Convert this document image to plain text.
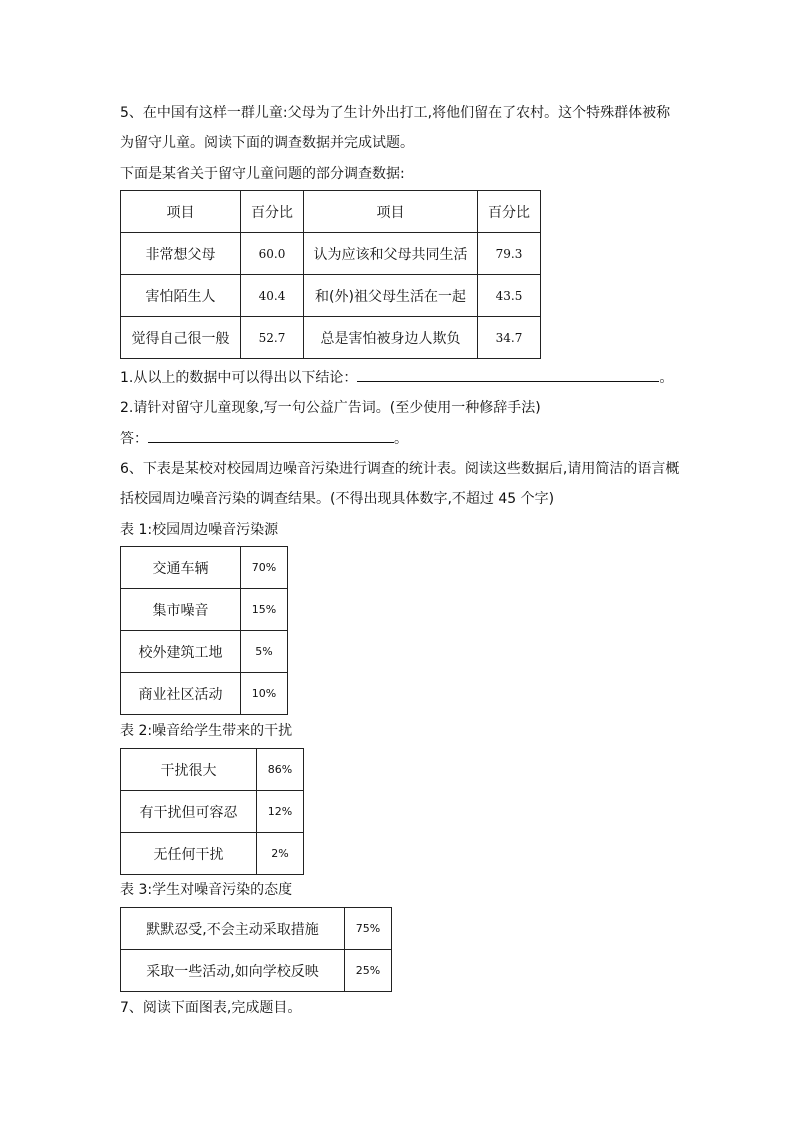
5、在中国有这样一群儿童:父母为了生计外出打工,将他们留在了农村。这个特殊群体被称
为留守儿童。阅读下面的调查数据并完成试题。
下面是某省关于留守儿童问题的部分调查数据:
项目	百分比	项目	百分比
非常想父母	60.0	认为应该和父母共同生活	79.3
害怕陌生人	40.4	和(外)祖父母生活在一起	43.5
觉得自己很一般	52.7	总是害怕被身边人欺负	34.7
1.从以上的数据中可以得出以下结论：	。
2.请针对留守儿童现象,写一句公益广告词。(至少使用一种修辞手法)
答：	。
6、下表是某校对校园周边噪音污染进行调查的统计表。阅读这些数据后,请用简洁的语言概
括校园周边噪音污染的调查结果。(不得出现具体数字,不超过 45 个字)
表 1:校园周边噪音污染源
交通车辆	70%
集市噪音	15%
校外建筑工地	5%
商业社区活动	10%
表 2:噪音给学生带来的干扰
干扰很大	86%
有干扰但可容忍	12%
无任何干扰	2%
表 3:学生对噪音污染的态度
默默忍受,不会主动采取措施	75%
采取一些活动,如向学校反映	25%
7、阅读下面图表,完成题目。
